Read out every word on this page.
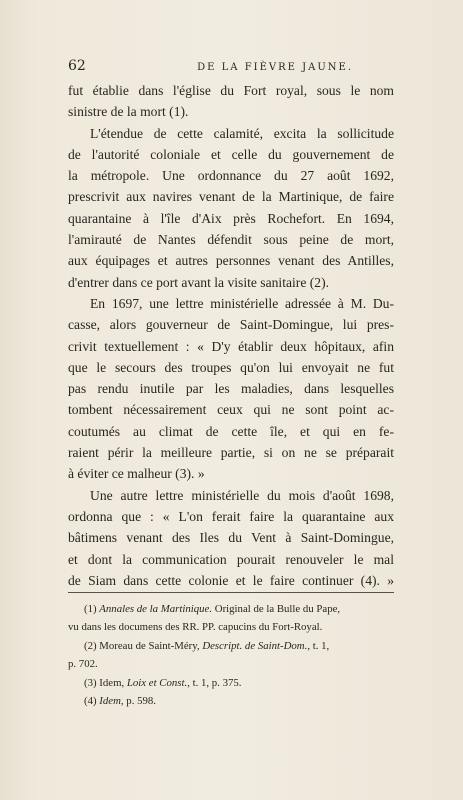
62	DE LA FIÈVRE JAUNE.
fut établie dans l'église du Fort royal, sous le nom
sinistre de la mort (1).
L'étendue de cette calamité, excita la sollicitude
de l'autorité coloniale et celle du gouvernement de
la métropole. Une ordonnance du 27 août 1692,
prescrivit aux navires venant de la Martinique, de faire
quarantaine à l'île d'Aix près Rochefort. En 1694,
l'amirauté de Nantes défendit sous peine de mort,
aux équipages et autres personnes venant des Antilles,
d'entrer dans ce port avant la visite sanitaire (2).
En 1697, une lettre ministérielle adressée à M. Du-
casse, alors gouverneur de Saint-Domingue, lui pres-
crivit textuellement : « D'y établir deux hôpitaux, afin
que le secours des troupes qu'on lui envoyait ne fut
pas rendu inutile par les maladies, dans lesquelles
tombent nécessairement ceux qui ne sont point ac-
coutumés au climat de cette île, et qui en fe-
raient périr la meilleure partie, si on ne se préparait
à éviter ce malheur (3). »
Une autre lettre ministérielle du mois d'août 1698,
ordonna que : « L'on ferait faire la quarantaine aux
bâtimens venant des Iles du Vent à Saint-Domingue,
et dont la communication pourait renouveler le mal
de Siam dans cette colonie et le faire continuer (4). »
(1) Annales de la Martinique. Original de la Bulle du Pape,
vu dans les documens des RR. PP. capucins du Fort-Royal.
(2) Moreau de Saint-Méry, Descript. de Saint-Dom., t. 1,
p. 702.
(3) Idem, Loix et Const., t. 1, p. 375.
(4) Idem, p. 598.
